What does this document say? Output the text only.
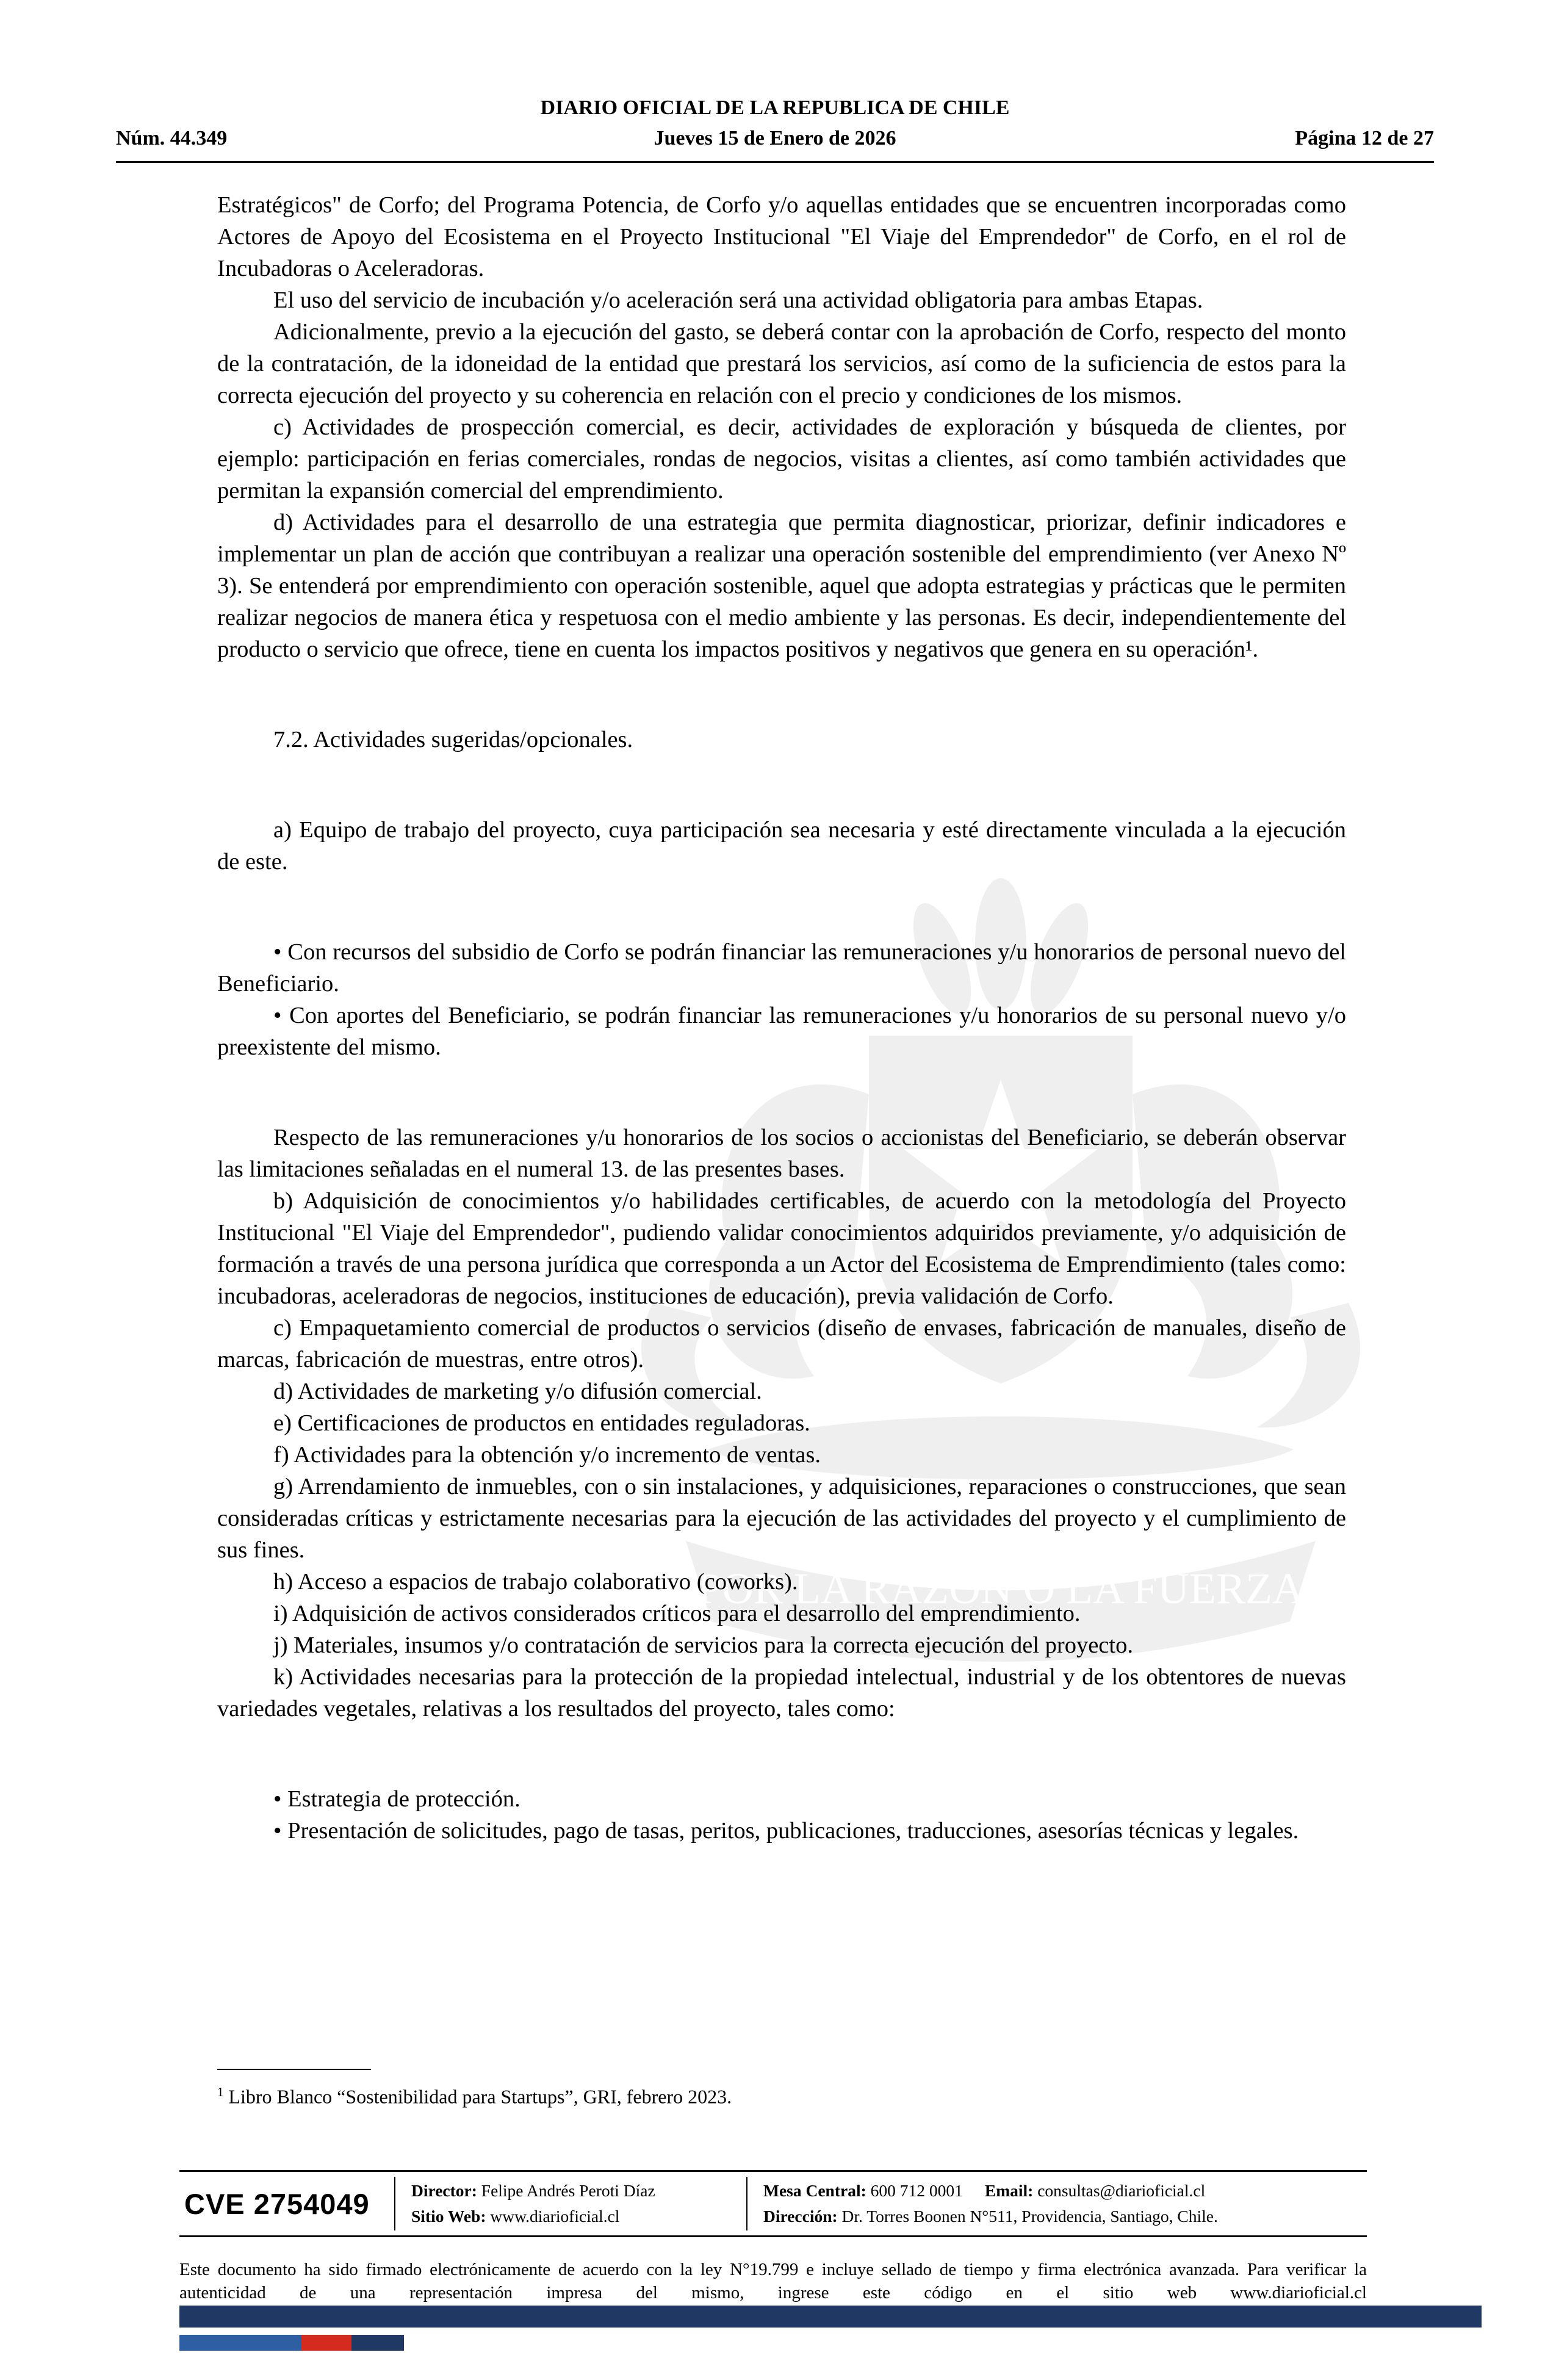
POR LA RAZÓN O LA FUERZA
DIARIO OFICIAL DE LA REPUBLICA DE CHILE
Núm. 44.349	Jueves 15 de Enero de 2026	Página 12 de 27

Estratégicos" de Corfo; del Programa Potencia, de Corfo y/o aquellas entidades que se encuentren incorporadas como Actores de Apoyo del Ecosistema en el Proyecto Institucional "El Viaje del Emprendedor" de Corfo, en el rol de Incubadoras o Aceleradoras.

El uso del servicio de incubación y/o aceleración será una actividad obligatoria para ambas Etapas.

Adicionalmente, previo a la ejecución del gasto, se deberá contar con la aprobación de Corfo, respecto del monto de la contratación, de la idoneidad de la entidad que prestará los servicios, así como de la suficiencia de estos para la correcta ejecución del proyecto y su coherencia en relación con el precio y condiciones de los mismos.

c) Actividades de prospección comercial, es decir, actividades de exploración y búsqueda de clientes, por ejemplo: participación en ferias comerciales, rondas de negocios, visitas a clientes, así como también actividades que permitan la expansión comercial del emprendimiento.

d) Actividades para el desarrollo de una estrategia que permita diagnosticar, priorizar, definir indicadores e implementar un plan de acción que contribuyan a realizar una operación sostenible del emprendimiento (ver Anexo Nº 3). Se entenderá por emprendimiento con operación sostenible, aquel que adopta estrategias y prácticas que le permiten realizar negocios de manera ética y respetuosa con el medio ambiente y las personas. Es decir, independientemente del producto o servicio que ofrece, tiene en cuenta los impactos positivos y negativos que genera en su operación¹.

7.2. Actividades sugeridas/opcionales.

a) Equipo de trabajo del proyecto, cuya participación sea necesaria y esté directamente vinculada a la ejecución de este.

• Con recursos del subsidio de Corfo se podrán financiar las remuneraciones y/u honorarios de personal nuevo del Beneficiario.

• Con aportes del Beneficiario, se podrán financiar las remuneraciones y/u honorarios de su personal nuevo y/o preexistente del mismo.

Respecto de las remuneraciones y/u honorarios de los socios o accionistas del Beneficiario, se deberán observar las limitaciones señaladas en el numeral 13. de las presentes bases.

b) Adquisición de conocimientos y/o habilidades certificables, de acuerdo con la metodología del Proyecto Institucional "El Viaje del Emprendedor", pudiendo validar conocimientos adquiridos previamente, y/o adquisición de formación a través de una persona jurídica que corresponda a un Actor del Ecosistema de Emprendimiento (tales como: incubadoras, aceleradoras de negocios, instituciones de educación), previa validación de Corfo.

c) Empaquetamiento comercial de productos o servicios (diseño de envases, fabricación de manuales, diseño de marcas, fabricación de muestras, entre otros).

d) Actividades de marketing y/o difusión comercial.

e) Certificaciones de productos en entidades reguladoras.

f) Actividades para la obtención y/o incremento de ventas.

g) Arrendamiento de inmuebles, con o sin instalaciones, y adquisiciones, reparaciones o construcciones, que sean consideradas críticas y estrictamente necesarias para la ejecución de las actividades del proyecto y el cumplimiento de sus fines.

h) Acceso a espacios de trabajo colaborativo (coworks).

i) Adquisición de activos considerados críticos para el desarrollo del emprendimiento.

j) Materiales, insumos y/o contratación de servicios para la correcta ejecución del proyecto.

k) Actividades necesarias para la protección de la propiedad intelectual, industrial y de los obtentores de nuevas variedades vegetales, relativas a los resultados del proyecto, tales como:

• Estrategia de protección.

• Presentación de solicitudes, pago de tasas, peritos, publicaciones, traducciones, asesorías técnicas y legales.

$^1$ Libro Blanco “Sostenibilidad para Startups”, GRI, febrero 2023.

CVE 2754049	Director: Felipe Andrés Peroti Díaz
Sitio Web: www.diarioficial.cl
Mesa Central: 600 712 0001 Email: consultas@diarioficial.cl
Dirección: Dr. Torres Boonen N°511, Providencia, Santiago, Chile.

Este documento ha sido firmado electrónicamente de acuerdo con la ley N°19.799 e incluye sellado de tiempo y firma electrónica avanzada. Para verificar la autenticidad de una representación impresa del mismo, ingrese este código en el sitio web www.diarioficial.cl
